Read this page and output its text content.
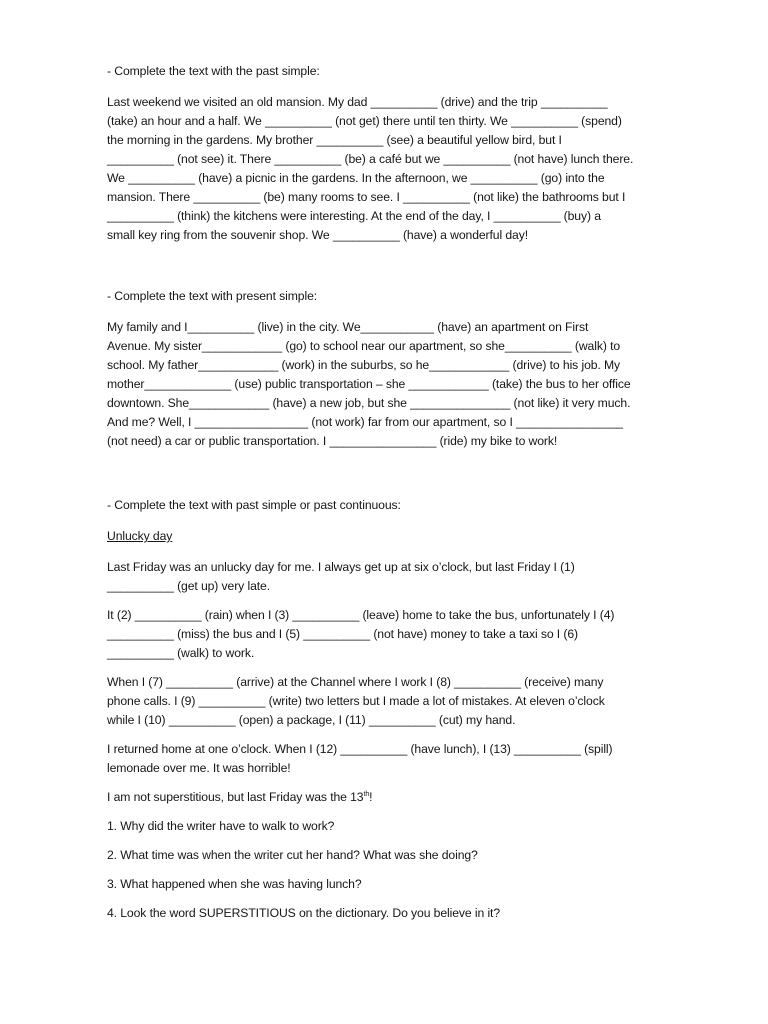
- Complete the text with the past simple:

Last weekend we visited an old mansion. My dad __________ (drive) and the trip __________
(take) an hour and a half. We __________ (not get) there until ten thirty. We __________ (spend)
the morning in the gardens. My brother __________ (see) a beautiful yellow bird, but I
__________ (not see) it. There __________ (be) a café but we __________ (not have) lunch there.
We __________ (have) a picnic in the gardens. In the afternoon, we __________ (go) into the
mansion. There __________ (be) many rooms to see. I __________ (not like) the bathrooms but I
__________ (think) the kitchens were interesting. At the end of the day, I __________ (buy) a
small key ring from the souvenir shop. We __________ (have) a wonderful day!

- Complete the text with present simple:

My family and I__________ (live) in the city. We___________ (have) an apartment on First
Avenue. My sister____________ (go) to school near our apartment, so she__________ (walk) to
school. My father____________ (work) in the suburbs, so he____________ (drive) to his job. My
mother_____________ (use) public transportation – she ____________ (take) the bus to her office
downtown. She____________ (have) a new job, but she _______________ (not like) it very much.
And me? Well, I _________________ (not work) far from our apartment, so I ________________
(not need) a car or public transportation. I ________________ (ride) my bike to work!

- Complete the text with past simple or past continuous:

Unlucky day

Last Friday was an unlucky day for me. I always get up at six o’clock, but last Friday I (1)
__________ (get up) very late.
It (2) __________ (rain) when I (3) __________ (leave) home to take the bus, unfortunately I (4)
__________ (miss) the bus and I (5) __________ (not have) money to take a taxi so I (6)
__________ (walk) to work.
When I (7) __________ (arrive) at the Channel where I work I (8) __________ (receive) many
phone calls. I (9) __________ (write) two letters but I made a lot of mistakes. At eleven o’clock
while I (10) __________ (open) a package, I (11) __________ (cut) my hand.
I returned home at one o’clock. When I (12) __________ (have lunch), I (13) __________ (spill)
lemonade over me. It was horrible!

I am not superstitious, but last Friday was the 13th!

1. Why did the writer have to walk to work?

2. What time was when the writer cut her hand? What was she doing?

3. What happened when she was having lunch?

4. Look the word SUPERSTITIOUS on the dictionary. Do you believe in it?
